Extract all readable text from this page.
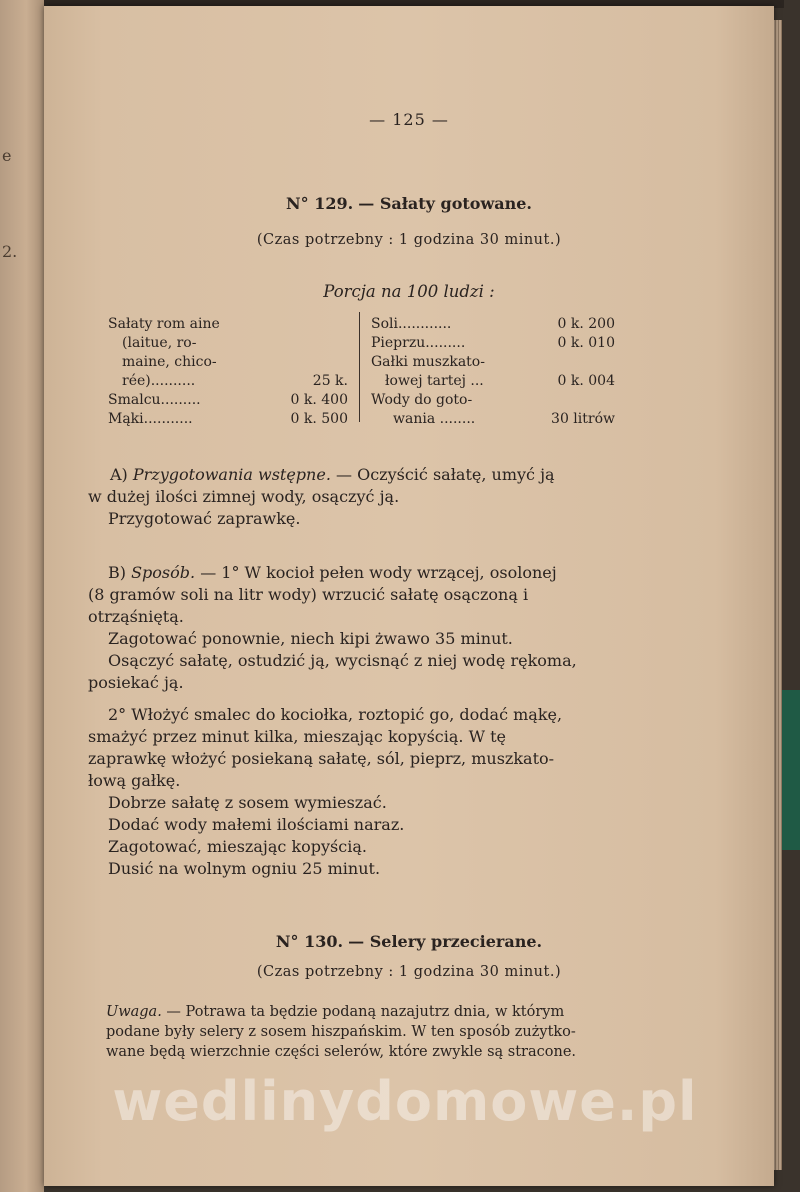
e
2.
— 125 —
N° 129. — Sałaty gotowane.
(Czas potrzebny : 1 godzina 30 minut.)
Porcja na 100 ludzi :
Sałaty rom aine
(laitue, ro-
maine, chico-
rée)..........	25 k.
Smalcu.........	0 k. 400
Mąki...........	0 k. 500
Soli............	0 k. 200
Pieprzu.........	0 k. 010
Gałki muszkato-
łowej tartej ...	0 k. 004
Wody do goto-
wania ........	30 litrów
A) Przygotowania wstępne. — Oczyścić sałatę, umyć ją
w dużej ilości zimnej wody, osączyć ją.
Przygotować zaprawkę.
B) Sposób. — 1° W kocioł pełen wody wrzącej, osolonej
(8 gramów soli na litr wody) wrzucić sałatę osączoną i
otrząśniętą.
Zagotować ponownie, niech kipi żwawo 35 minut.
Osączyć sałatę, ostudzić ją, wycisnąć z niej wodę rękoma,
posiekać ją.
2° Włożyć smalec do kociołka, roztopić go, dodać mąkę,
smażyć przez minut kilka, mieszając kopyścią. W tę
zaprawkę włożyć posiekaną sałatę, sól, pieprz, muszkato-
łową gałkę.
Dobrze sałatę z sosem wymieszać.
Dodać wody małemi ilościami naraz.
Zagotować, mieszając kopyścią.
Dusić na wolnym ogniu 25 minut.
N° 130. — Selery przecierane.
(Czas potrzebny : 1 godzina 30 minut.)
Uwaga. — Potrawa ta będzie podaną nazajutrz dnia, w którym
podane były selery z sosem hiszpańskim. W ten sposób zużytko-
wane będą wierzchnie części selerów, które zwykle są stracone.
wedlinydomowe.pl
